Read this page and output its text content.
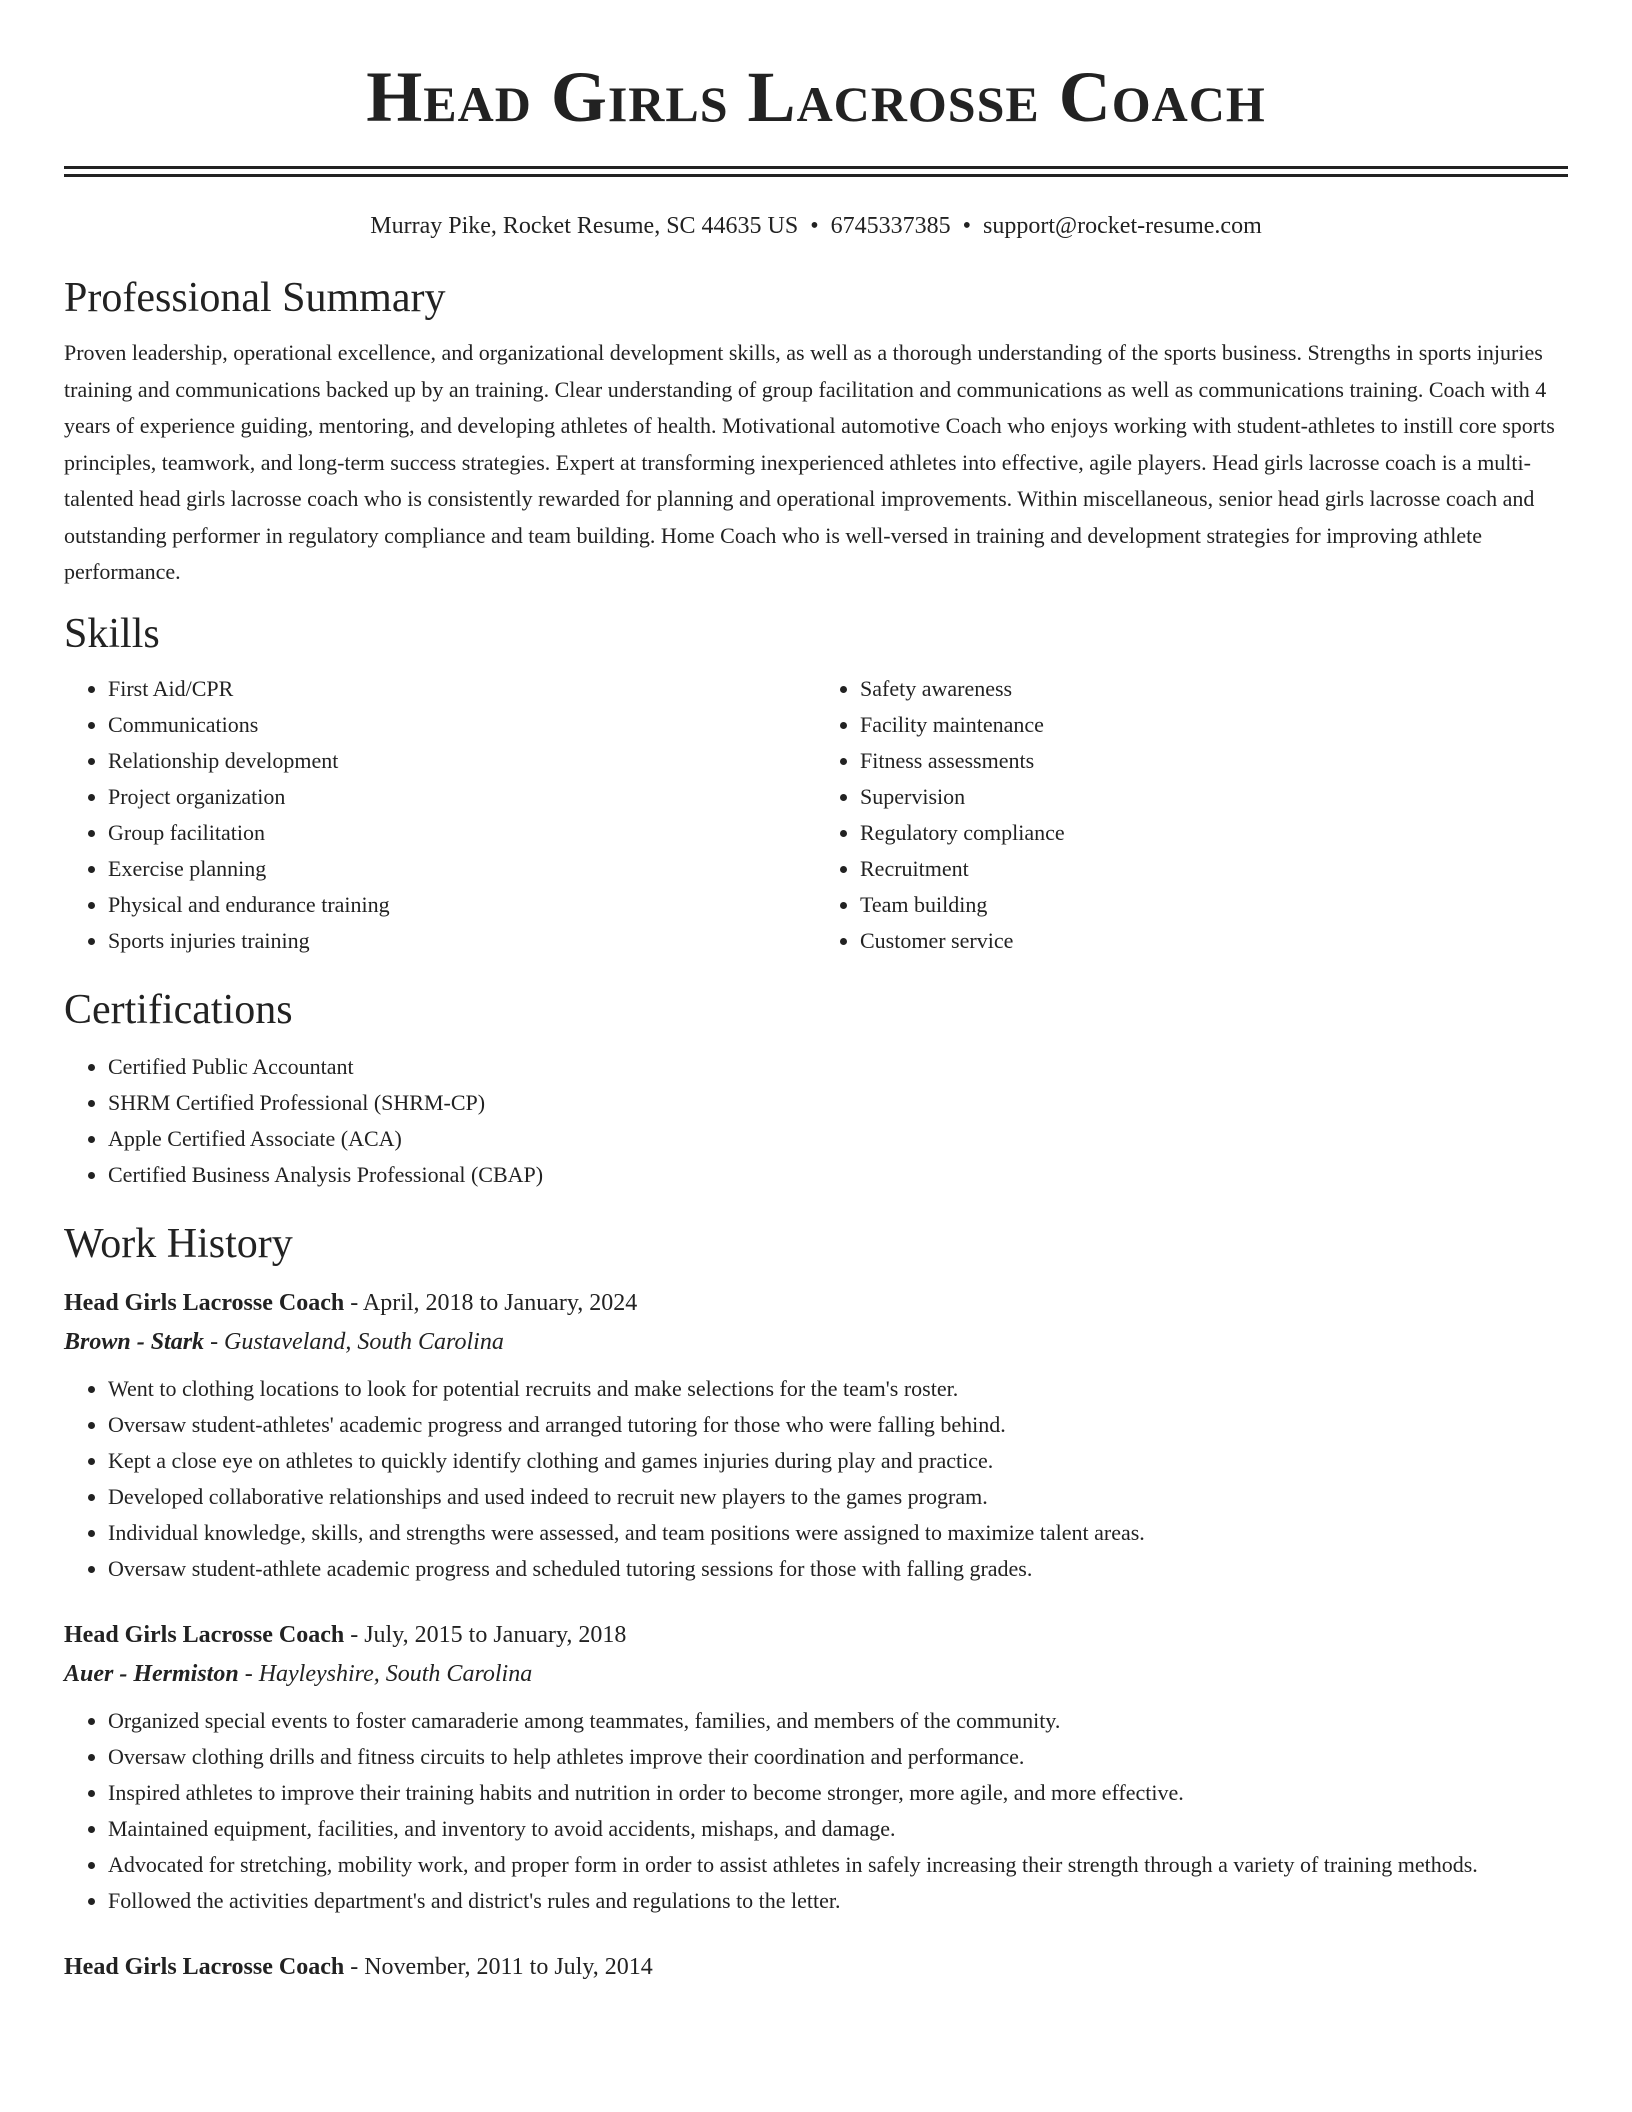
Head Girls Lacrosse Coach
Murray Pike, Rocket Resume, SC 44635 US • 6745337385 • support@rocket-resume.com
Professional Summary

Proven leadership, operational excellence, and organizational development skills, as well as a thorough understanding of the sports business. Strengths in sports injuries training and communications backed up by an training. Clear understanding of group facilitation and communications as well as communications training. Coach with 4 years of experience guiding, mentoring, and developing athletes of health. Motivational automotive Coach who enjoys working with student-athletes to instill core sports principles, teamwork, and long-term success strategies. Expert at transforming inexperienced athletes into effective, agile players. Head girls lacrosse coach is a multi-talented head girls lacrosse coach who is consistently rewarded for planning and operational improvements. Within miscellaneous, senior head girls lacrosse coach and outstanding performer in regulatory compliance and team building. Home Coach who is well-versed in training and development strategies for improving athlete performance.

Skills
• First Aid/CPR
• Communications
• Relationship development
• Project organization
• Group facilitation
• Exercise planning
• Physical and endurance training
• Sports injuries training
• Safety awareness
• Facility maintenance
• Fitness assessments
• Supervision
• Regulatory compliance
• Recruitment
• Team building
• Customer service
Certifications
• Certified Public Accountant
• SHRM Certified Professional (SHRM-CP)
• Apple Certified Associate (ACA)
• Certified Business Analysis Professional (CBAP)
Work History
Head Girls Lacrosse Coach - April, 2018 to January, 2024
Brown - Stark - Gustaveland, South Carolina
• Went to clothing locations to look for potential recruits and make selections for the team's roster.
• Oversaw student-athletes' academic progress and arranged tutoring for those who were falling behind.
• Kept a close eye on athletes to quickly identify clothing and games injuries during play and practice.
• Developed collaborative relationships and used indeed to recruit new players to the games program.
• Individual knowledge, skills, and strengths were assessed, and team positions were assigned to maximize talent areas.
• Oversaw student-athlete academic progress and scheduled tutoring sessions for those with falling grades.
Head Girls Lacrosse Coach - July, 2015 to January, 2018
Auer - Hermiston - Hayleyshire, South Carolina
• Organized special events to foster camaraderie among teammates, families, and members of the community.
• Oversaw clothing drills and fitness circuits to help athletes improve their coordination and performance.
• Inspired athletes to improve their training habits and nutrition in order to become stronger, more agile, and more effective.
• Maintained equipment, facilities, and inventory to avoid accidents, mishaps, and damage.
• Advocated for stretching, mobility work, and proper form in order to assist athletes in safely increasing their strength through a variety of training methods.
• Followed the activities department's and district's rules and regulations to the letter.
Head Girls Lacrosse Coach - November, 2011 to July, 2014
